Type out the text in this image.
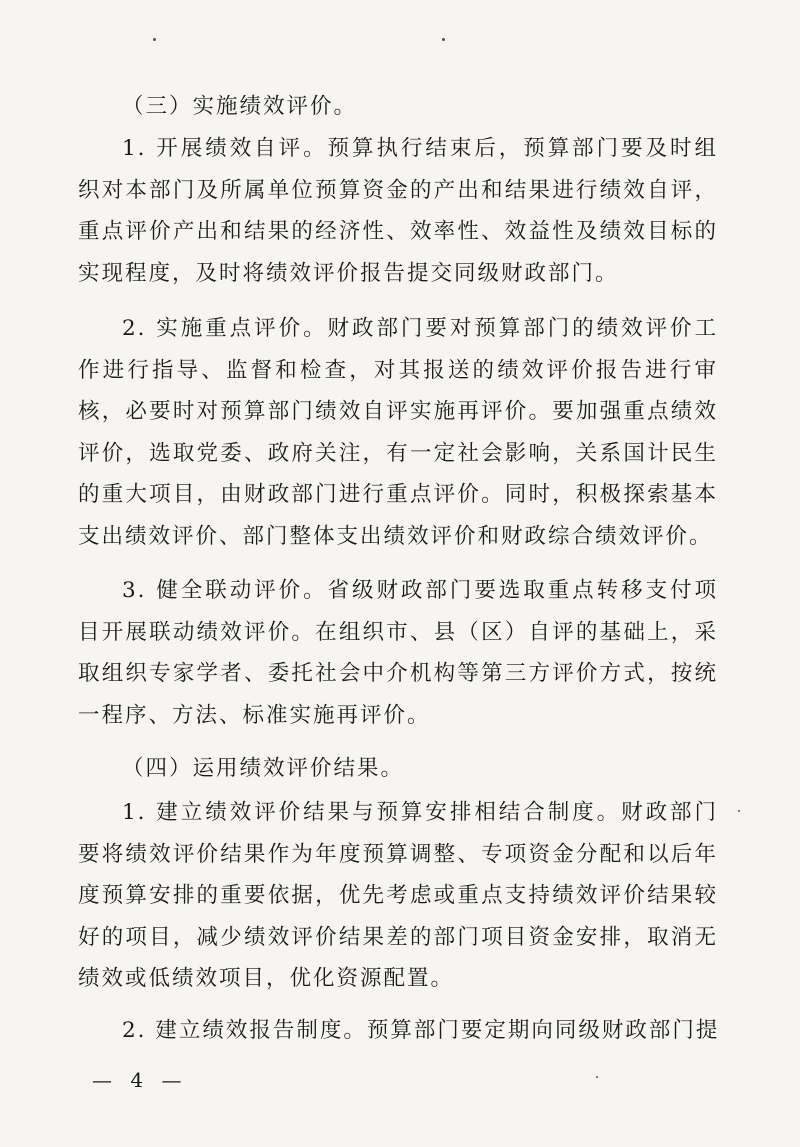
（三）实施绩效评价。

1. 开展绩效自评。预算执行结束后，预算部门要及时组织对本部门及所属单位预算资金的产出和结果进行绩效自评，重点评价产出和结果的经济性、效率性、效益性及绩效目标的实现程度，及时将绩效评价报告提交同级财政部门。

2. 实施重点评价。财政部门要对预算部门的绩效评价工作进行指导、监督和检查，对其报送的绩效评价报告进行审核，必要时对预算部门绩效自评实施再评价。要加强重点绩效评价，选取党委、政府关注，有一定社会影响，关系国计民生的重大项目，由财政部门进行重点评价。同时，积极探索基本支出绩效评价、部门整体支出绩效评价和财政综合绩效评价。

3. 健全联动评价。省级财政部门要选取重点转移支付项目开展联动绩效评价。在组织市、县（区）自评的基础上，采取组织专家学者、委托社会中介机构等第三方评价方式，按统一程序、方法、标准实施再评价。

（四）运用绩效评价结果。

1. 建立绩效评价结果与预算安排相结合制度。财政部门要将绩效评价结果作为年度预算调整、专项资金分配和以后年度预算安排的重要依据，优先考虑或重点支持绩效评价结果较好的项目，减少绩效评价结果差的部门项目资金安排，取消无绩效或低绩效项目，优化资源配置。

2. 建立绩效报告制度。预算部门要定期向同级财政部门提

— 4 —
